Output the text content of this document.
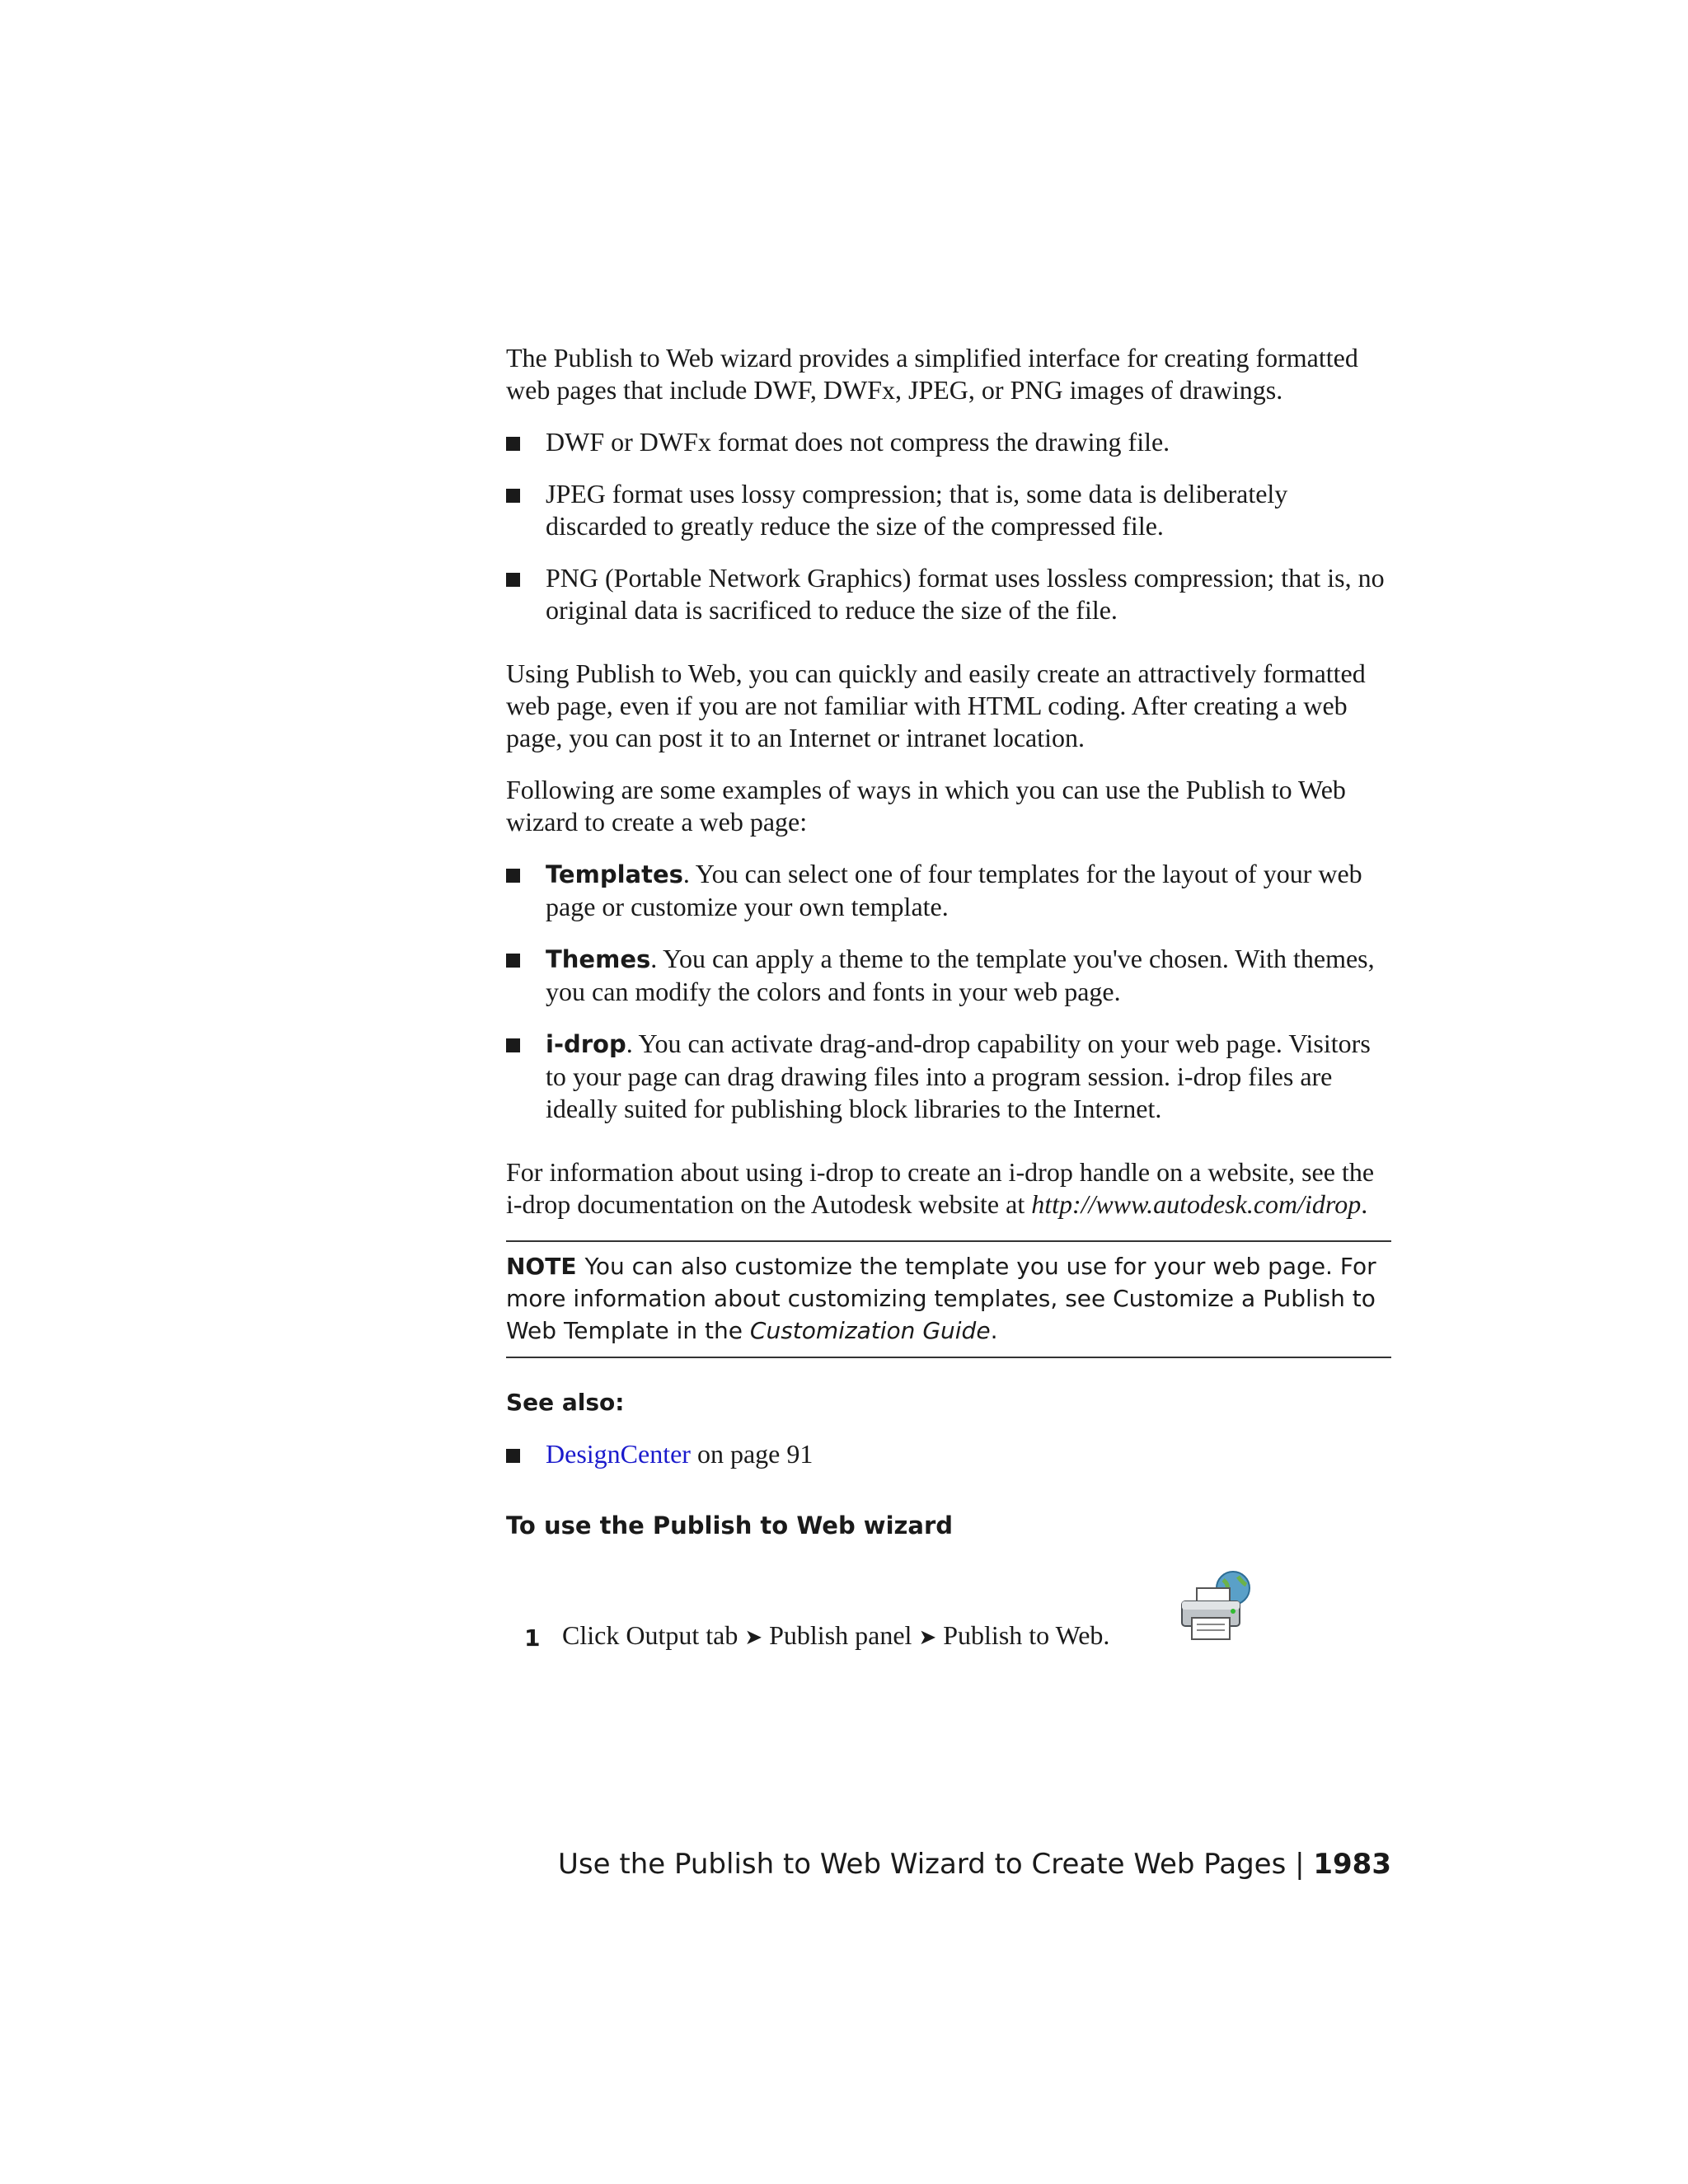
The Publish to Web wizard provides a simplified interface for creating formatted web pages that include DWF, DWFx, JPEG, or PNG images of drawings.

DWF or DWFx format does not compress the drawing file.
JPEG format uses lossy compression; that is, some data is deliberately discarded to greatly reduce the size of the compressed file.
PNG (Portable Network Graphics) format uses lossless compression; that is, no original data is sacrificed to reduce the size of the file.

Using Publish to Web, you can quickly and easily create an attractively formatted web page, even if you are not familiar with HTML coding. After creating a web page, you can post it to an Internet or intranet location.

Following are some examples of ways in which you can use the Publish to Web wizard to create a web page:

Templates. You can select one of four templates for the layout of your web page or customize your own template.
Themes. You can apply a theme to the template you've chosen. With themes, you can modify the colors and fonts in your web page.
i-drop. You can activate drag-and-drop capability on your web page. Visitors to your page can drag drawing files into a program session. i-drop files are ideally suited for publishing block libraries to the Internet.

For information about using i-drop to create an i-drop handle on a website, see the i-drop documentation on the Autodesk website at http://www.autodesk.com/idrop.

NOTE You can also customize the template you use for your web page. For more information about customizing templates, see Customize a Publish to Web Template in the Customization Guide.
See also:
DesignCenter on page 91
To use the Publish to Web wizard
1 Click Output tab ➤ Publish panel ➤ Publish to Web.
Use the Publish to Web Wizard to Create Web Pages | 1983
